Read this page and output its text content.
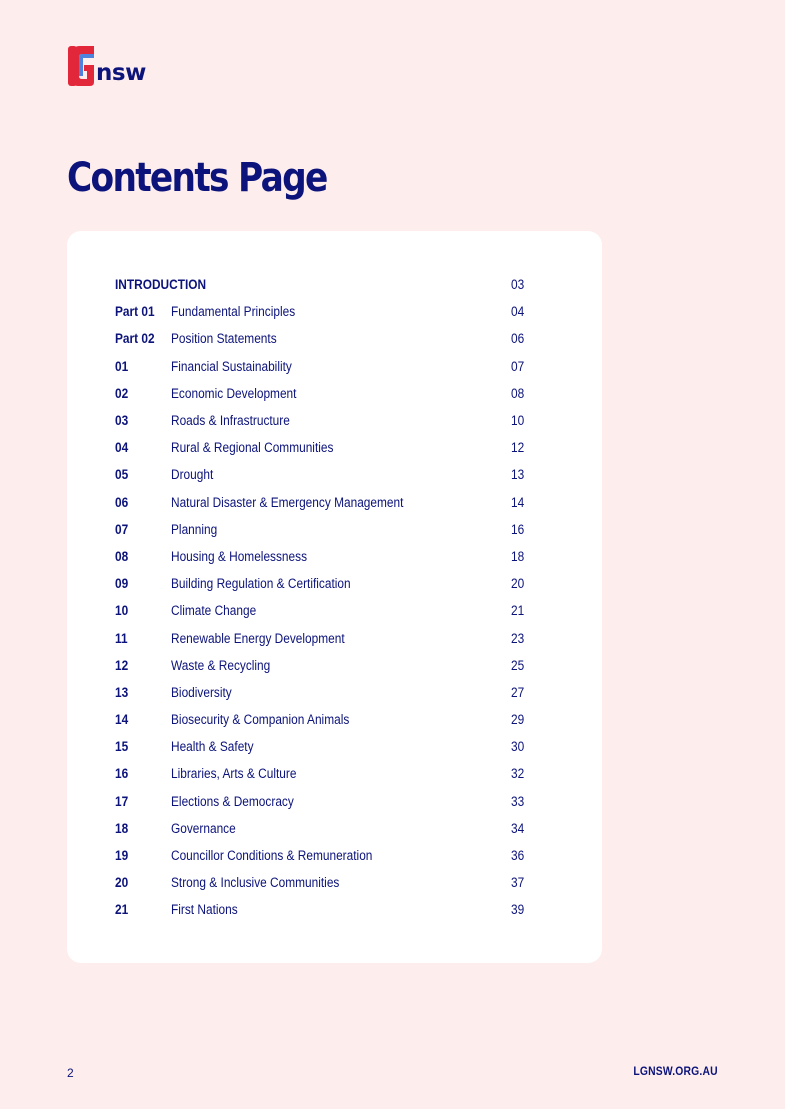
nsw
Contents Page
INTRODUCTION	03
Part 01	Fundamental Principles	04
Part 02	Position Statements	06
01	Financial Sustainability	07
02	Economic Development	08
03	Roads & Infrastructure	10
04	Rural & Regional Communities	12
05	Drought	13
06	Natural Disaster & Emergency Management	14
07	Planning	16
08	Housing & Homelessness	18
09	Building Regulation & Certification	20
10	Climate Change	21
11	Renewable Energy Development	23
12	Waste & Recycling	25
13	Biodiversity	27
14	Biosecurity & Companion Animals	29
15	Health & Safety	30
16	Libraries, Arts & Culture	32
17	Elections & Democracy	33
18	Governance	34
19	Councillor Conditions & Remuneration	36
20	Strong & Inclusive Communities	37
21	First Nations	39
2	LGNSW.ORG.AU
